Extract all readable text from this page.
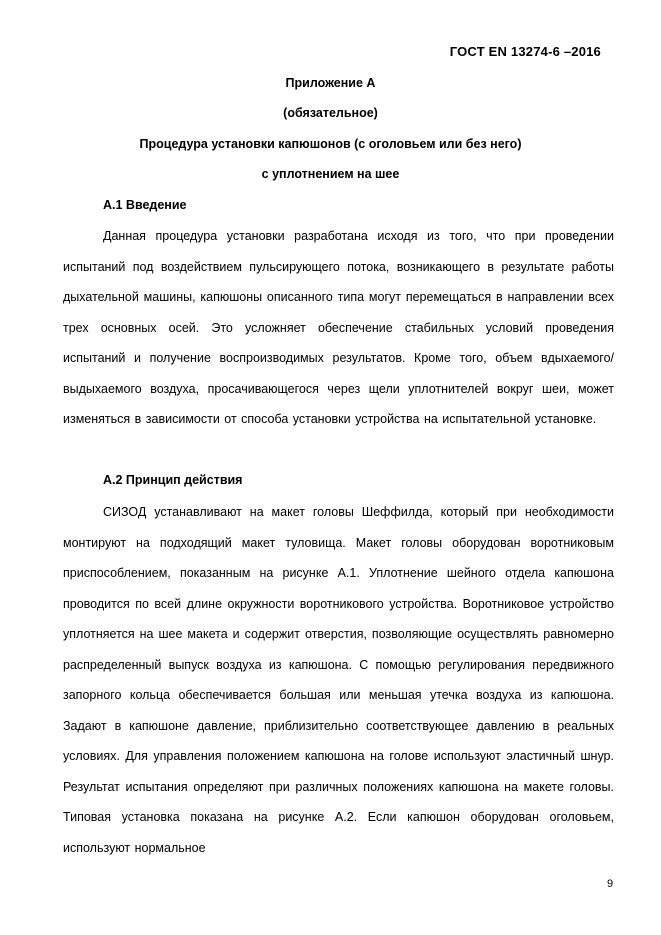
ГОСТ EN 13274-6 –2016
Приложение А
(обязательное)
Процедура установки капюшонов (с оголовьем или без него)
с уплотнением на шее
А.1 Введение
Данная процедура установки разработана исходя из того, что при проведении испытаний под воздействием пульсирующего потока, возникающего в результате работы дыхательной машины, капюшоны описанного типа могут перемещаться в направлении всех трех основных осей. Это усложняет обеспечение стабильных условий проведения испытаний и получение воспроизводимых результатов. Кроме того, объем вдыхаемого/выдыхаемого воздуха, просачивающегося через щели уплотнителей вокруг шеи, может изменяться в зависимости от способа установки устройства на испытательной установке.
А.2 Принцип действия
СИЗОД устанавливают на макет головы Шеффилда, который при необходимости монтируют на подходящий макет туловища. Макет головы оборудован воротниковым приспособлением, показанным на рисунке А.1. Уплотнение шейного отдела капюшона проводится по всей длине окружности воротникового устройства. Воротниковое устройство уплотняется на шее макета и содержит отверстия, позволяющие осуществлять равномерно распределенный выпуск воздуха из капюшона. С помощью регулирования передвижного запорного кольца обеспечивается большая или меньшая утечка воздуха из капюшона. Задают в капюшоне давление, приблизительно соответствующее давлению в реальных условиях. Для управления положением капюшона на голове используют эластичный шнур. Результат испытания определяют при различных положениях капюшона на макете головы. Типовая установка показана на рисунке А.2. Если капюшон оборудован оголовьем, используют нормальное
9
